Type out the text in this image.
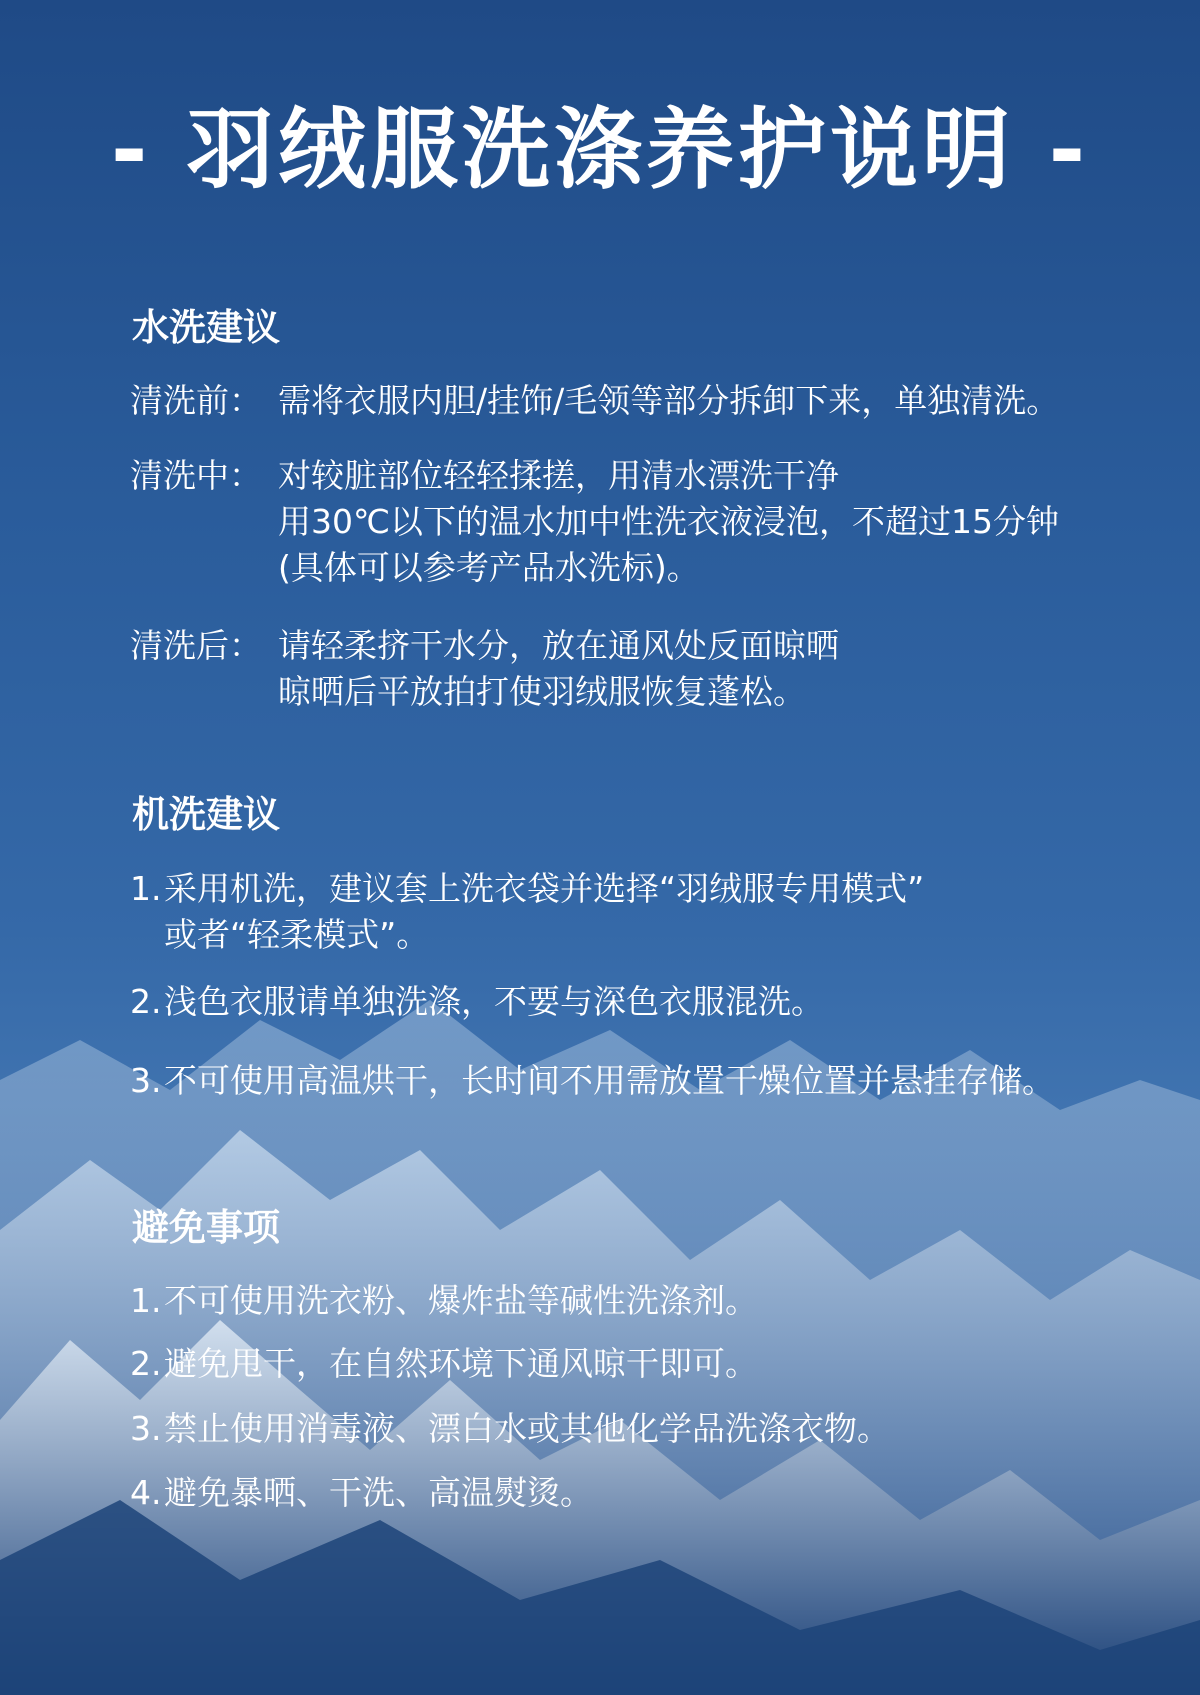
- 羽绒服洗涤养护说明 -
水洗建议
清洗前： 需将衣服内胆/挂饰/毛领等部分拆卸下来，单独清洗。
清洗中： 对较脏部位轻轻揉搓，用清水漂洗干净
用30℃以下的温水加中性洗衣液浸泡，不超过15分钟
(具体可以参考产品水洗标)。
清洗后： 请轻柔挤干水分，放在通风处反面晾晒
晾晒后平放拍打使羽绒服恢复蓬松。
机洗建议
1. 采用机洗，建议套上洗衣袋并选择“羽绒服专用模式”
或者“轻柔模式”。
2. 浅色衣服请单独洗涤，不要与深色衣服混洗。
3. 不可使用高温烘干，长时间不用需放置干燥位置并悬挂存储。
避免事项
1. 不可使用洗衣粉、爆炸盐等碱性洗涤剂。
2. 避免甩干，在自然环境下通风晾干即可。
3. 禁止使用消毒液、漂白水或其他化学品洗涤衣物。
4. 避免暴晒、干洗、高温熨烫。
